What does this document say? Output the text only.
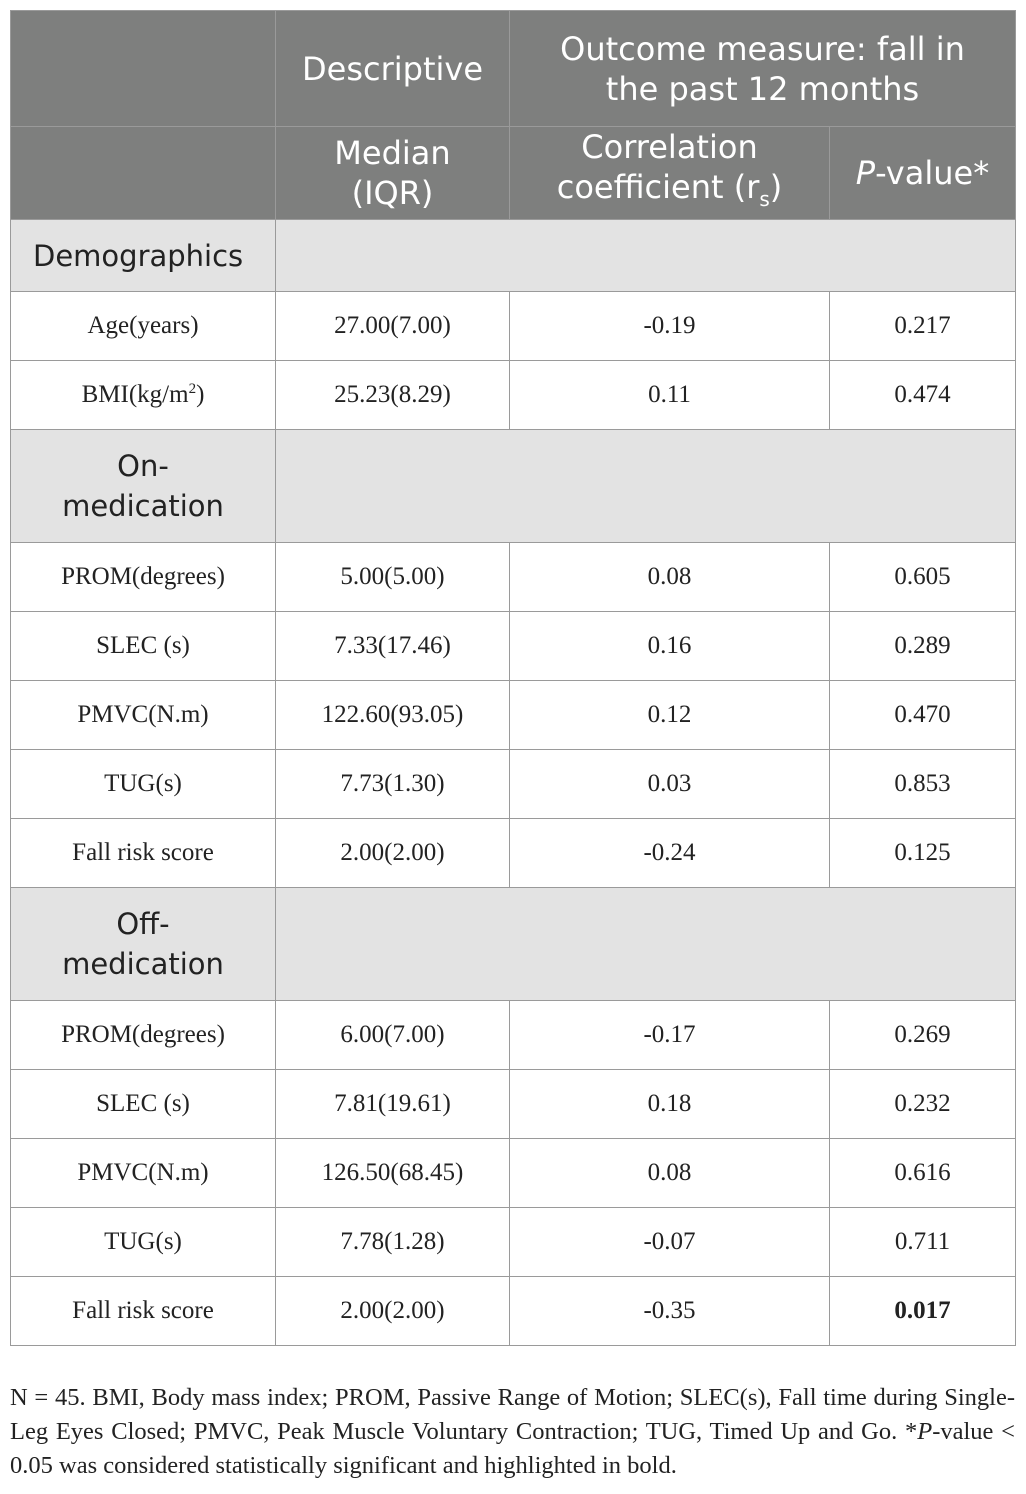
	Descriptive	Outcome measure: fall in the past 12 months	

	Median (IQR)	Correlation coefficient $(r_s)$	P-value*
Demographics			
Age(years)	27.00(7.00)	-0.19	0.217
$BMI(kg/m^2)$	25.23(8.29)	0.11	0.474
On-
medication			
PROM(degrees)	5.00(5.00)	0.08	0.605
SLEC (s)	7.33(17.46)	0.16	0.289
PMVC(N.m)	122.60(93.05)	0.12	0.470
TUG(s)	7.73(1.30)	0.03	0.853
Fall risk score	2.00(2.00)	-0.24	0.125
Off-
medication			
PROM(degrees)	6.00(7.00)	-0.17	0.269
SLEC (s)	7.81(19.61)	0.18	0.232
PMVC(N.m)	126.50(68.45)	0.08	0.616
TUG(s)	7.78(1.28)	-0.07	0.711
Fall risk score	2.00(2.00)	-0.35	0.017
N = 45. BMI, Body mass index; PROM, Passive Range of Motion; SLEC(s), Fall time during Single-Leg Eyes Closed; PMVC, Peak Muscle Voluntary Contraction; TUG, Timed Up and Go. *P-value < 0.05 was considered statistically significant and highlighted in bold.
